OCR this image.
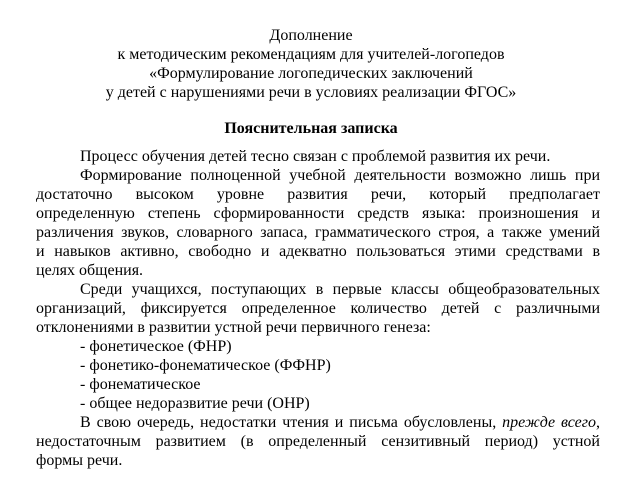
Дополнение
к методическим рекомендациям для учителей-логопедов
«Формулирование логопедических заключений
у детей с нарушениями речи в условиях реализации ФГОС»
Пояснительная записка
Процесс обучения детей тесно связан с проблемой развития их речи.
Формирование полноценной учебной деятельности возможно лишь при
достаточно высоком уровне развития речи, который предполагает
определенную степень сформированности средств языка: произношения и
различения звуков, словарного запаса, грамматического строя, а также умений
и навыков активно, свободно и адекватно пользоваться этими средствами в
целях общения.
Среди учащихся, поступающих в первые классы общеобразовательных
организаций, фиксируется определенное количество детей с различными
отклонениями в развитии устной речи первичного генеза:
- фонетическое (ФНР)
- фонетико-фонематическое (ФФНР)
- фонематическое
- общее недоразвитие речи (ОНР)
В свою очередь, недостатки чтения и письма обусловлены, прежде всего,
недостаточным развитием (в определенный сензитивный период) устной
формы речи.
